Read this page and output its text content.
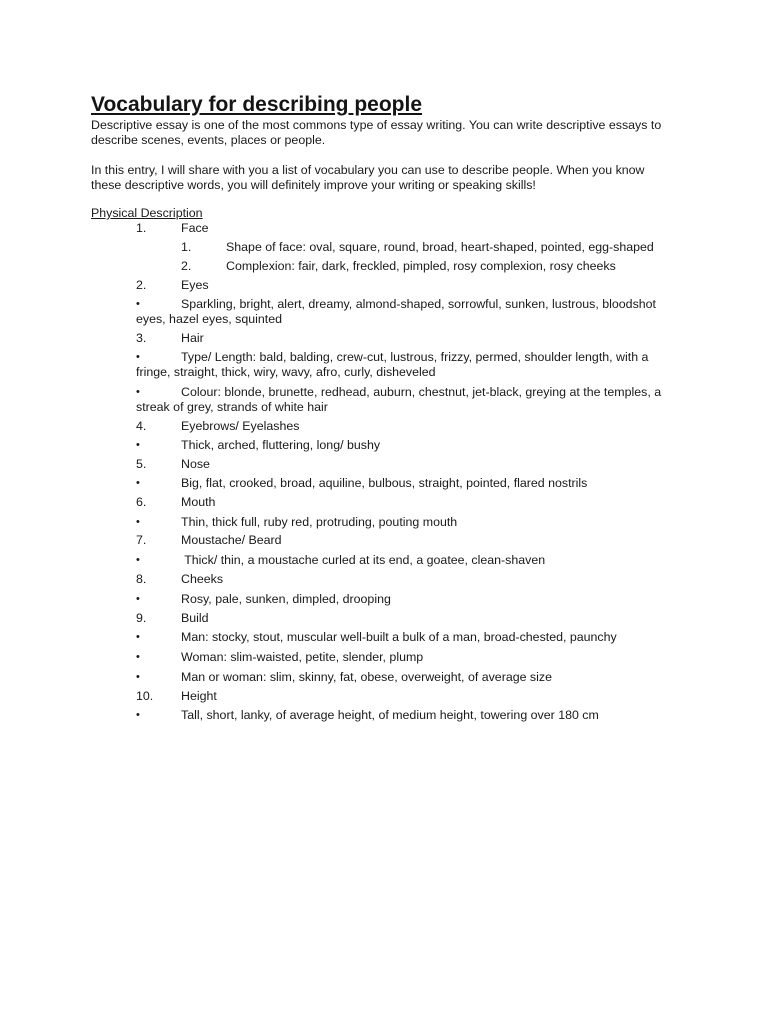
Vocabulary for describing people

Descriptive essay is one of the most commons type of essay writing. You can write descriptive essays to
describe scenes, events, places or people.

In this entry, I will share with you a list of vocabulary you can use to describe people. When you know
these descriptive words, you will definitely improve your writing or speaking skills!

Physical Description
1.	Face
1.	Shape of face: oval, square, round, broad, heart-shaped, pointed, egg-shaped
2.	Complexion: fair, dark, freckled, pimpled, rosy complexion, rosy cheeks
2.	Eyes
•	Sparkling, bright, alert, dreamy, almond-shaped, sorrowful, sunken, lustrous, bloodshot
eyes, hazel eyes, squinted
3.	Hair
•	Type/ Length: bald, balding, crew-cut, lustrous, frizzy, permed, shoulder length, with a
fringe, straight, thick, wiry, wavy, afro, curly, disheveled
•	Colour: blonde, brunette, redhead, auburn, chestnut, jet-black, greying at the temples, a
streak of grey, strands of white hair
4.	Eyebrows/ Eyelashes
•	Thick, arched, fluttering, long/ bushy
5.	Nose
•	Big, flat, crooked, broad, aquiline, bulbous, straight, pointed, flared nostrils
6.	Mouth
•	Thin, thick full, ruby red, protruding, pouting mouth
7.	Moustache/ Beard
•	Thick/ thin, a moustache curled at its end, a goatee, clean-shaven
8.	Cheeks
•	Rosy, pale, sunken, dimpled, drooping
9.	Build
•	Man: stocky, stout, muscular well-built a bulk of a man, broad-chested, paunchy
•	Woman: slim-waisted, petite, slender, plump
•	Man or woman: slim, skinny, fat, obese, overweight, of average size
10. Height
•	Tall, short, lanky, of average height, of medium height, towering over 180 cm
